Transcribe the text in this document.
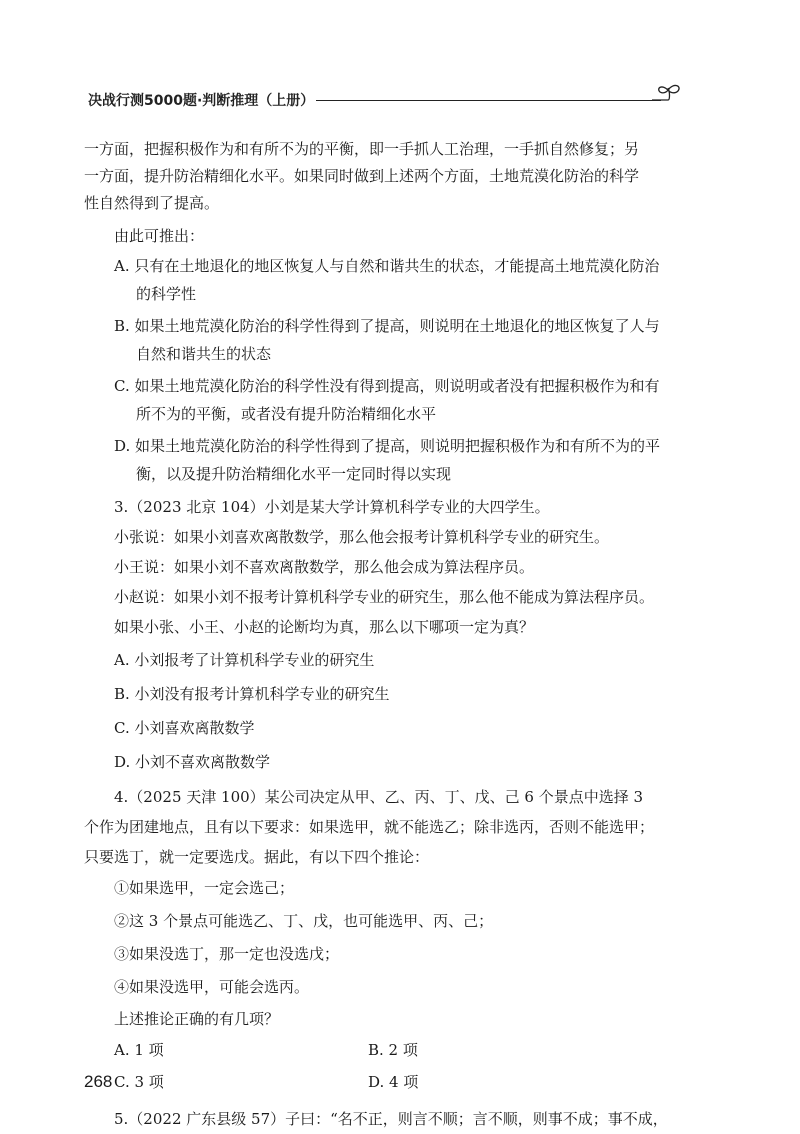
决战行测5000题·判断推理（上册）

一方面，把握积极作为和有所不为的平衡，即一手抓人工治理，一手抓自然修复；另

一方面，提升防治精细化水平。如果同时做到上述两个方面，土地荒漠化防治的科学

性自然得到了提高。

由此可推出：

A. 只有在土地退化的地区恢复人与自然和谐共生的状态，才能提高土地荒漠化防治的科学性

B. 如果土地荒漠化防治的科学性得到了提高，则说明在土地退化的地区恢复了人与自然和谐共生的状态

C. 如果土地荒漠化防治的科学性没有得到提高，则说明或者没有把握积极作为和有所不为的平衡，或者没有提升防治精细化水平

D. 如果土地荒漠化防治的科学性得到了提高，则说明把握积极作为和有所不为的平衡，以及提升防治精细化水平一定同时得以实现

3.（2023 北京 104）小刘是某大学计算机科学专业的大四学生。

小张说：如果小刘喜欢离散数学，那么他会报考计算机科学专业的研究生。

小王说：如果小刘不喜欢离散数学，那么他会成为算法程序员。

小赵说：如果小刘不报考计算机科学专业的研究生，那么他不能成为算法程序员。

如果小张、小王、小赵的论断均为真，那么以下哪项一定为真？

A. 小刘报考了计算机科学专业的研究生

B. 小刘没有报考计算机科学专业的研究生

C. 小刘喜欢离散数学

D. 小刘不喜欢离散数学

4.（2025 天津 100）某公司决定从甲、乙、丙、丁、戊、己 6 个景点中选择 3

个作为团建地点，且有以下要求：如果选甲，就不能选乙；除非选丙，否则不能选甲；

只要选丁，就一定要选戊。据此，有以下四个推论：

①如果选甲，一定会选己；

②这 3 个景点可能选乙、丁、戊，也可能选甲、丙、己；

③如果没选丁，那一定也没选戊；

④如果没选甲，可能会选丙。

上述推论正确的有几项？

A. 1 项	B. 2 项
C. 3 项	D. 4 项

5.（2022 广东县级 57）子曰：“名不正，则言不顺；言不顺，则事不成；事不成，

268
